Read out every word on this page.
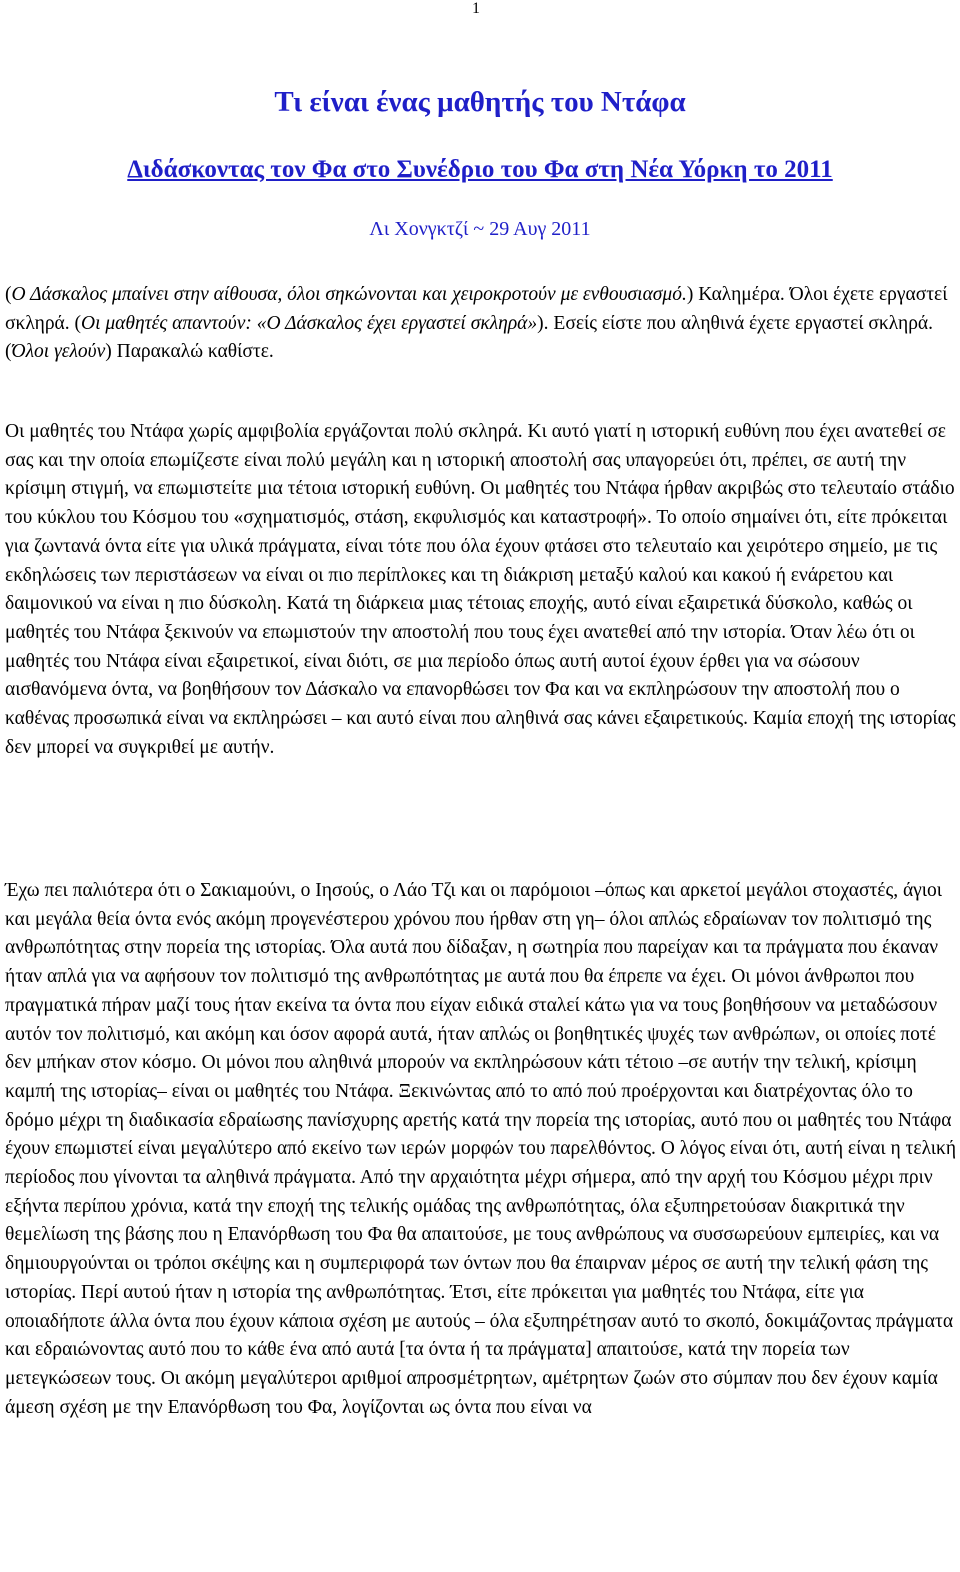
1
Τι είναι ένας μαθητής του Ντάφα
Διδάσκοντας τον Φα στο Συνέδριο του Φα στη Νέα Υόρκη το 2011

Λι Χονγκτζί ~ 29 Αυγ 2011

(Ο Δάσκαλος μπαίνει στην αίθουσα, όλοι σηκώνονται και χειροκροτούν με ενθουσιασμό.) Καλημέρα. Όλοι έχετε εργαστεί σκληρά. (Οι μαθητές απαντούν: «Ο Δάσκαλος έχει εργαστεί σκληρά»). Εσείς είστε που αληθινά έχετε εργαστεί σκληρά. (Όλοι γελούν) Παρακαλώ καθίστε.

Οι μαθητές του Ντάφα χωρίς αμφιβολία εργάζονται πολύ σκληρά. Κι αυτό γιατί η ιστορική ευθύνη που έχει ανατεθεί σε σας και την οποία επωμίζεστε είναι πολύ μεγάλη και η ιστορική αποστολή σας υπαγορεύει ότι, πρέπει, σε αυτή την κρίσιμη στιγμή, να επωμιστείτε μια τέτοια ιστορική ευθύνη. Οι μαθητές του Ντάφα ήρθαν ακριβώς στο τελευταίο στάδιο του κύκλου του Κόσμου του «σχηματισμός, στάση, εκφυλισμός και καταστροφή». Το οποίο σημαίνει ότι, είτε πρόκειται για ζωντανά όντα είτε για υλικά πράγματα, είναι τότε που όλα έχουν φτάσει στο τελευταίο και χειρότερο σημείο, με τις εκδηλώσεις των περιστάσεων να είναι οι πιο περίπλοκες και τη διάκριση μεταξύ καλού και κακού ή ενάρετου και δαιμονικού να είναι η πιο δύσκολη. Κατά τη διάρκεια μιας τέτοιας εποχής, αυτό είναι εξαιρετικά δύσκολο, καθώς οι μαθητές του Ντάφα ξεκινούν να επωμιστούν την αποστολή που τους έχει ανατεθεί από την ιστορία. Όταν λέω ότι οι μαθητές του Ντάφα είναι εξαιρετικοί, είναι διότι, σε μια περίοδο όπως αυτή αυτοί έχουν έρθει για να σώσουν αισθανόμενα όντα, να βοηθήσουν τον Δάσκαλο να επανορθώσει τον Φα και να εκπληρώσουν την αποστολή που ο καθένας προσωπικά είναι να εκπληρώσει – και αυτό είναι που αληθινά σας κάνει εξαιρετικούς. Καμία εποχή της ιστορίας δεν μπορεί να συγκριθεί με αυτήν.

Έχω πει παλιότερα ότι ο Σακιαμούνι, ο Ιησούς, ο Λάο Τζι και οι παρόμοιοι –όπως και αρκετοί μεγάλοι στοχαστές, άγιοι και μεγάλα θεία όντα ενός ακόμη προγενέστερου χρόνου που ήρθαν στη γη– όλοι απλώς εδραίωναν τον πολιτισμό της ανθρωπότητας στην πορεία της ιστορίας. Όλα αυτά που δίδαξαν, η σωτηρία που παρείχαν και τα πράγματα που έκαναν ήταν απλά για να αφήσουν τον πολιτισμό της ανθρωπότητας με αυτά που θα έπρεπε να έχει. Οι μόνοι άνθρωποι που πραγματικά πήραν μαζί τους ήταν εκείνα τα όντα που είχαν ειδικά σταλεί κάτω για να τους βοηθήσουν να μεταδώσουν αυτόν τον πολιτισμό, και ακόμη και όσον αφορά αυτά, ήταν απλώς οι βοηθητικές ψυχές των ανθρώπων, οι οποίες ποτέ δεν μπήκαν στον κόσμο. Οι μόνοι που αληθινά μπορούν να εκπληρώσουν κάτι τέτοιο –σε αυτήν την τελική, κρίσιμη καμπή της ιστορίας– είναι οι μαθητές του Ντάφα. Ξεκινώντας από το από πού προέρχονται και διατρέχοντας όλο το δρόμο μέχρι τη διαδικασία εδραίωσης πανίσχυρης αρετής κατά την πορεία της ιστορίας, αυτό που οι μαθητές του Ντάφα έχουν επωμιστεί είναι μεγαλύτερο από εκείνο των ιερών μορφών του παρελθόντος. Ο λόγος είναι ότι, αυτή είναι η τελική περίοδος που γίνονται τα αληθινά πράγματα. Από την αρχαιότητα μέχρι σήμερα, από την αρχή του Κόσμου μέχρι πριν εξήντα περίπου χρόνια, κατά την εποχή της τελικής ομάδας της ανθρωπότητας, όλα εξυπηρετούσαν διακριτικά την θεμελίωση της βάσης που η Επανόρθωση του Φα θα απαιτούσε, με τους ανθρώπους να συσσωρεύουν εμπειρίες, και να δημιουργούνται οι τρόποι σκέψης και η συμπεριφορά των όντων που θα έπαιρναν μέρος σε αυτή την τελική φάση της ιστορίας. Περί αυτού ήταν η ιστορία της ανθρωπότητας. Έτσι, είτε πρόκειται για μαθητές του Ντάφα, είτε για οποιαδήποτε άλλα όντα που έχουν κάποια σχέση με αυτούς – όλα εξυπηρέτησαν αυτό το σκοπό, δοκιμάζοντας πράγματα και εδραιώνοντας αυτό που το κάθε ένα από αυτά [τα όντα ή τα πράγματα] απαιτούσε, κατά την πορεία των μετεγκώσεων τους. Οι ακόμη μεγαλύτεροι αριθμοί απροσμέτρητων, αμέτρητων ζωών στο σύμπαν που δεν έχουν καμία άμεση σχέση με την Επανόρθωση του Φα, λογίζονται ως όντα που είναι να
